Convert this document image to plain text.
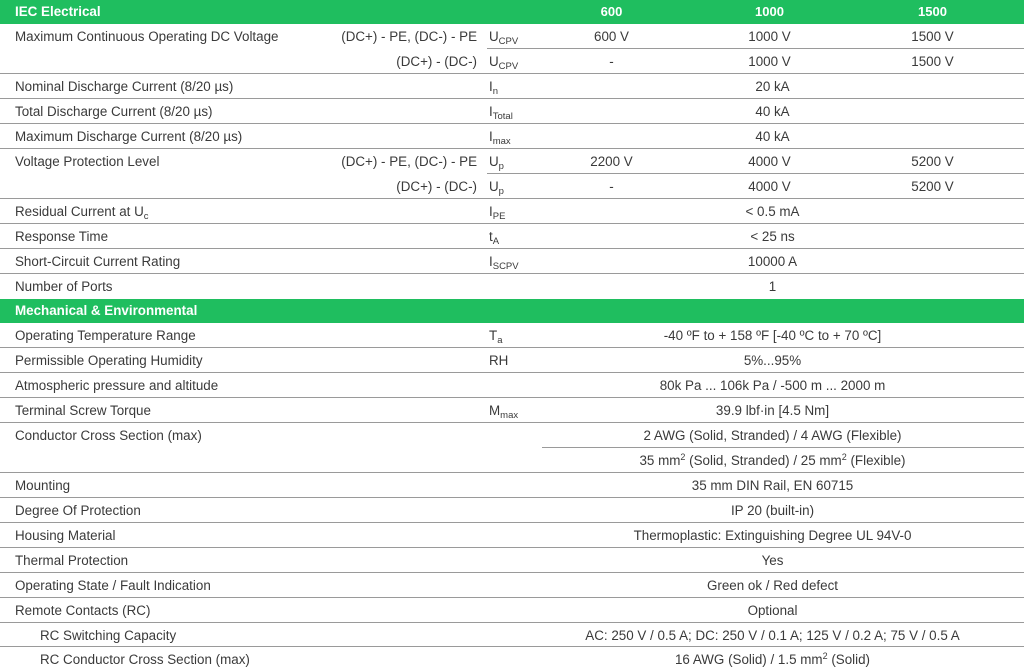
IEC Electrical	600	1000	1500
Maximum Continuous Operating DC Voltage	(DC+) - PE, (DC-) - PE $U_{CPV}$	600 V	1000 V	1500 V
(DC+) - (DC-) $U_{CPV}$	-	1000 V	1500 V
Nominal Discharge Current (8/20 µs)	$I_n$	20 kA
Total Discharge Current (8/20 µs)	$I_{Total}$	40 kA
Maximum Discharge Current (8/20 µs)	$I_{max}$	40 kA
Voltage Protection Level	(DC+) - PE, (DC-) - PE $U_p$	2200 V	4000 V	5200 V
(DC+) - (DC-) $U_p$	-	4000 V	5200 V
Residual Current at $U_c$	$I_{PE}$	< 0.5 mA
Response Time	$t_A$	< 25 ns
Short-Circuit Current Rating	$I_{SCPV}$	10000 A
Number of Ports	1
Mechanical & Environmental
Operating Temperature Range	$T_a$	-40 ºF to + 158 ºF [-40 ºC to + 70 ºC]
Permissible Operating Humidity	RH	5%...95%
Atmospheric pressure and altitude	80k Pa ... 106k Pa / -500 m ... 2000 m
Terminal Screw Torque	$M_{max}$	39.9 lbf·in [4.5 Nm]
Conductor Cross Section (max)	2 AWG (Solid, Stranded) / 4 AWG (Flexible)
35 $mm^2$ (Solid, Stranded) / 25 $mm^2$ (Flexible)
Mounting	35 mm DIN Rail, EN 60715
Degree Of Protection	IP 20 (built-in)
Housing Material	Thermoplastic: Extinguishing Degree UL 94V-0
Thermal Protection	Yes
Operating State / Fault Indication	Green ok / Red defect
Remote Contacts (RC)	Optional
RC Switching Capacity	AC: 250 V / 0.5 A; DC: 250 V / 0.1 A; 125 V / 0.2 A; 75 V / 0.5 A
RC Conductor Cross Section (max)	16 AWG (Solid) / 1.5 $mm^2$ (Solid)
